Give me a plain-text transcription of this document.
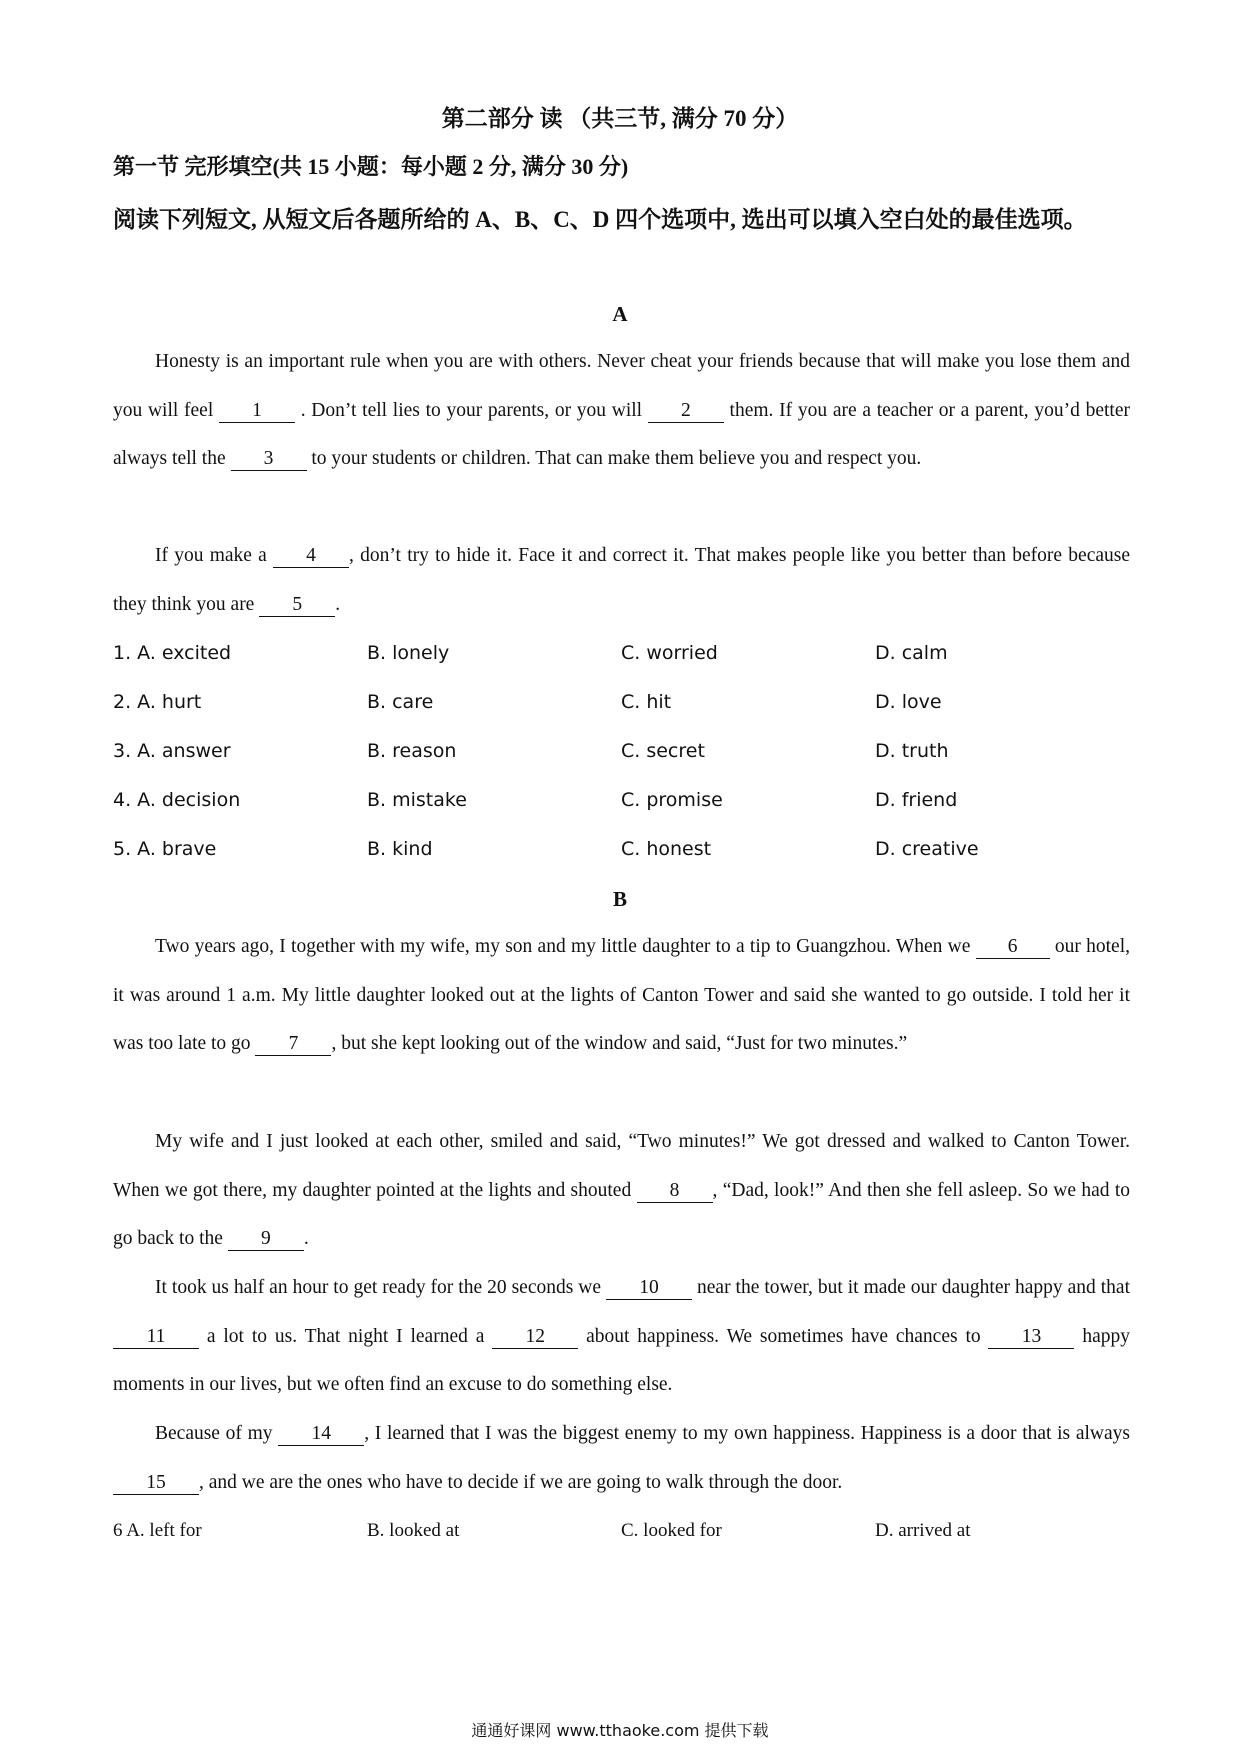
第二部分 读 （共三节, 满分 70 分）
第一节 完形填空(共 15 小题：每小题 2 分, 满分 30 分)
阅读下列短文, 从短文后各题所给的 A、B、C、D 四个选项中, 选出可以填入空白处的最佳选项。
A
Honesty is an important rule when you are with others. Never cheat your friends because that will make you lose them and you will feel 1 . Don’t tell lies to your parents, or you will 2 them. If you are a teacher or a parent, you’d better always tell the 3 to your students or children. That can make them believe you and respect you.
If you make a 4 , don’t try to hide it. Face it and correct it. That makes people like you better than before because they think you are 5 .
1. A. excited	B. lonely	C. worried	D. calm
2. A. hurt	B. care	C. hit	D. love
3. A. answer	B. reason	C. secret	D. truth
4. A. decision	B. mistake	C. promise	D. friend
5. A. brave	B. kind	C. honest	D. creative
B
Two years ago, I together with my wife, my son and my little daughter to a tip to Guangzhou. When we 6 our hotel, it was around 1 a.m. My little daughter looked out at the lights of Canton Tower and said she wanted to go outside. I told her it was too late to go 7 , but she kept looking out of the window and said, “Just for two minutes.”
My wife and I just looked at each other, smiled and said, “Two minutes!” We got dressed and walked to Canton Tower. When we got there, my daughter pointed at the lights and shouted 8 , “Dad, look!” And then she fell asleep. So we had to go back to the 9 .
It took us half an hour to get ready for the 20 seconds we 10 near the tower, but it made our daughter happy and that 11 a lot to us. That night I learned a 12 about happiness. We sometimes have chances to 13 happy moments in our lives, but we often find an excuse to do something else.
Because of my 14 , I learned that I was the biggest enemy to my own happiness. Happiness is a door that is always 15 , and we are the ones who have to decide if we are going to walk through the door.
6 A. left for	B. looked at	C. looked for	D. arrived at
通通好课网 www.tthaoke.com 提供下载
